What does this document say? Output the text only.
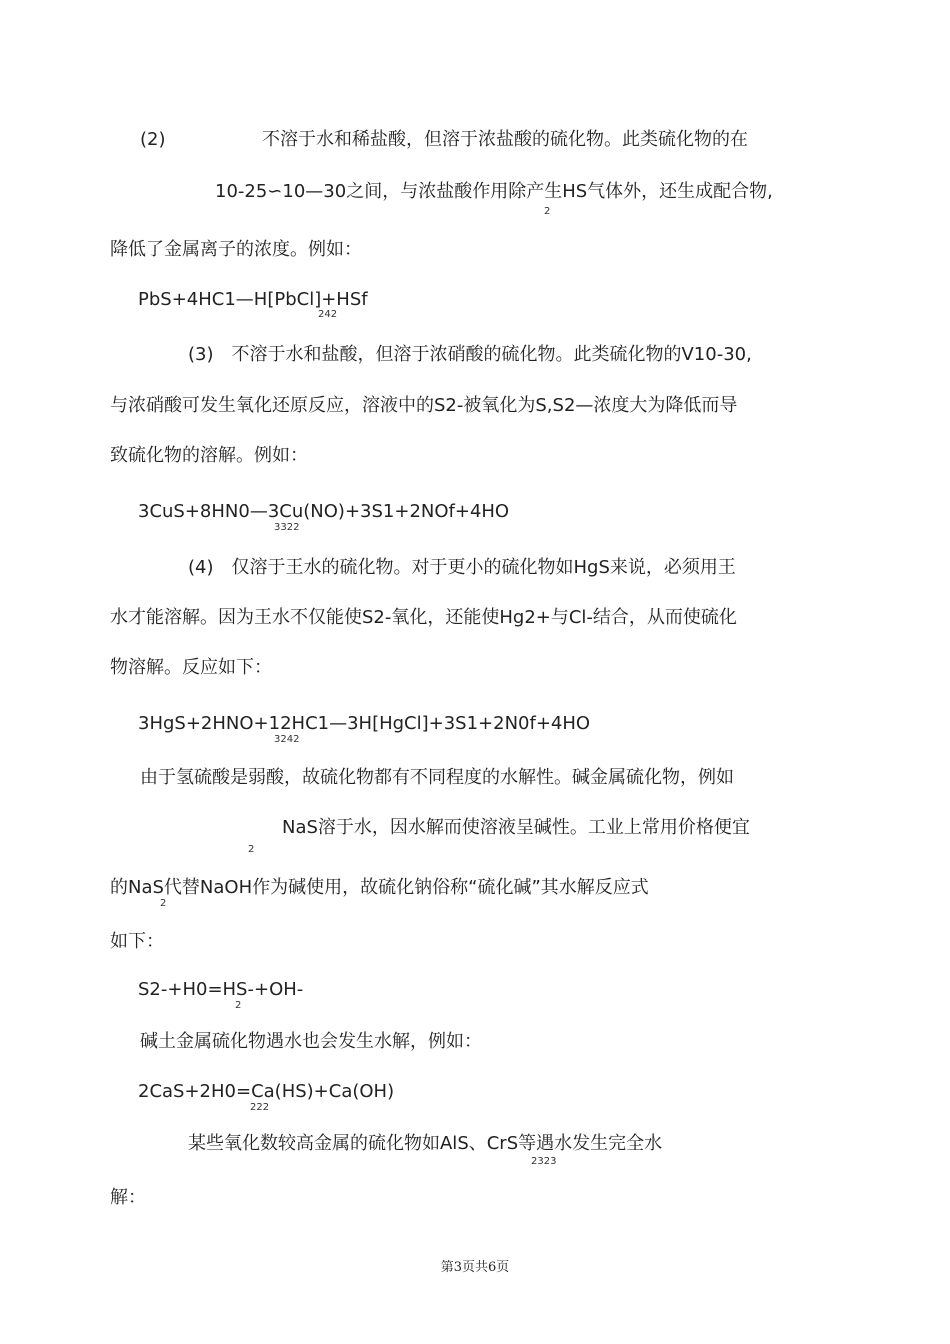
(2)	不溶于水和稀盐酸，但溶于浓盐酸的硫化物。此类硫化物的在
10-25∽10—30之间，与浓盐酸作用除产生HS气体外，还生成配合物,
2
降低了金属离子的浓度。例如：
PbS+4HC1—H[PbCl]+HSf
242
(3)　不溶于水和盐酸，但溶于浓硝酸的硫化物。此类硫化物的V10-30,
与浓硝酸可发生氧化还原反应，溶液中的S2-被氧化为S,S2—浓度大为降低而导
致硫化物的溶解。例如：
3CuS+8HN0—3Cu(NO)+3S1+2NOf+4HO
3322
(4)　仅溶于王水的硫化物。对于更小的硫化物如HgS来说，必须用王
水才能溶解。因为王水不仅能使S2-氧化，还能使Hg2+与Cl-结合，从而使硫化
物溶解。反应如下：
3HgS+2HNO+12HC1—3H[HgCl]+3S1+2N0f+4HO
3242
由于氢硫酸是弱酸，故硫化物都有不同程度的水解性。碱金属硫化物，例如
NaS溶于水，因水解而使溶液呈碱性。工业上常用价格便宜
2
的NaS代替NaOH作为碱使用，故硫化钠俗称“硫化碱”其水解反应式
2
如下：
S2-+H0=HS-+OH-
2
碱土金属硫化物遇水也会发生水解，例如：
2CaS+2H0=Ca(HS)+Ca(OH)
222
某些氧化数较高金属的硫化物如AlS、CrS等遇水发生完全水
2323
解：
第3页共6页
